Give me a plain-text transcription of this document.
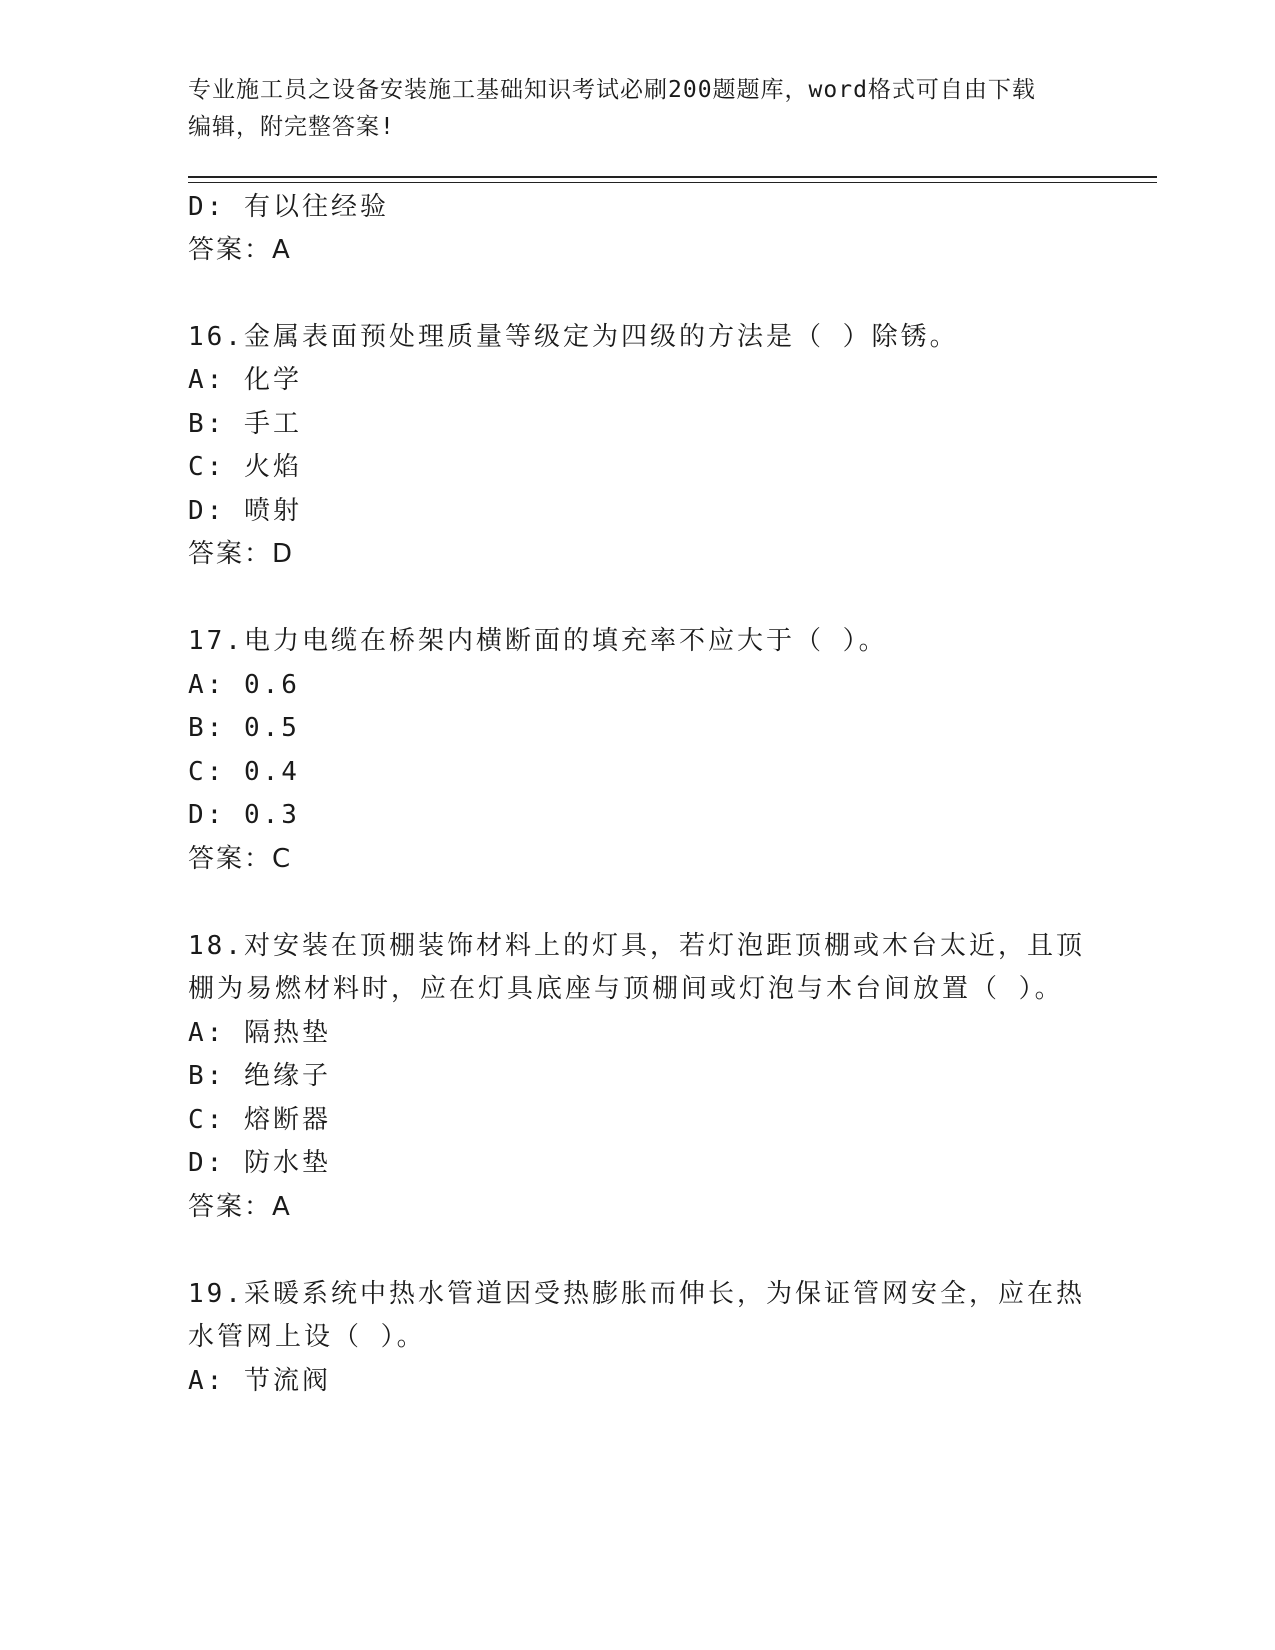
专业施工员之设备安装施工基础知识考试必刷200题题库，word格式可自由下载
编辑，附完整答案!
D: 有以往经验
答案：A
16.金属表面预处理质量等级定为四级的方法是（ ）除锈。
A: 化学
B: 手工
C: 火焰
D: 喷射
答案：D
17.电力电缆在桥架内横断面的填充率不应大于（ ）。
A: 0.6
B: 0.5
C: 0.4
D: 0.3
答案：C
18.对安装在顶棚装饰材料上的灯具，若灯泡距顶棚或木台太近，且顶
棚为易燃材料时，应在灯具底座与顶棚间或灯泡与木台间放置（ ）。
A: 隔热垫
B: 绝缘子
C: 熔断器
D: 防水垫
答案：A
19.采暖系统中热水管道因受热膨胀而伸长，为保证管网安全，应在热
水管网上设（ ）。
A: 节流阀
